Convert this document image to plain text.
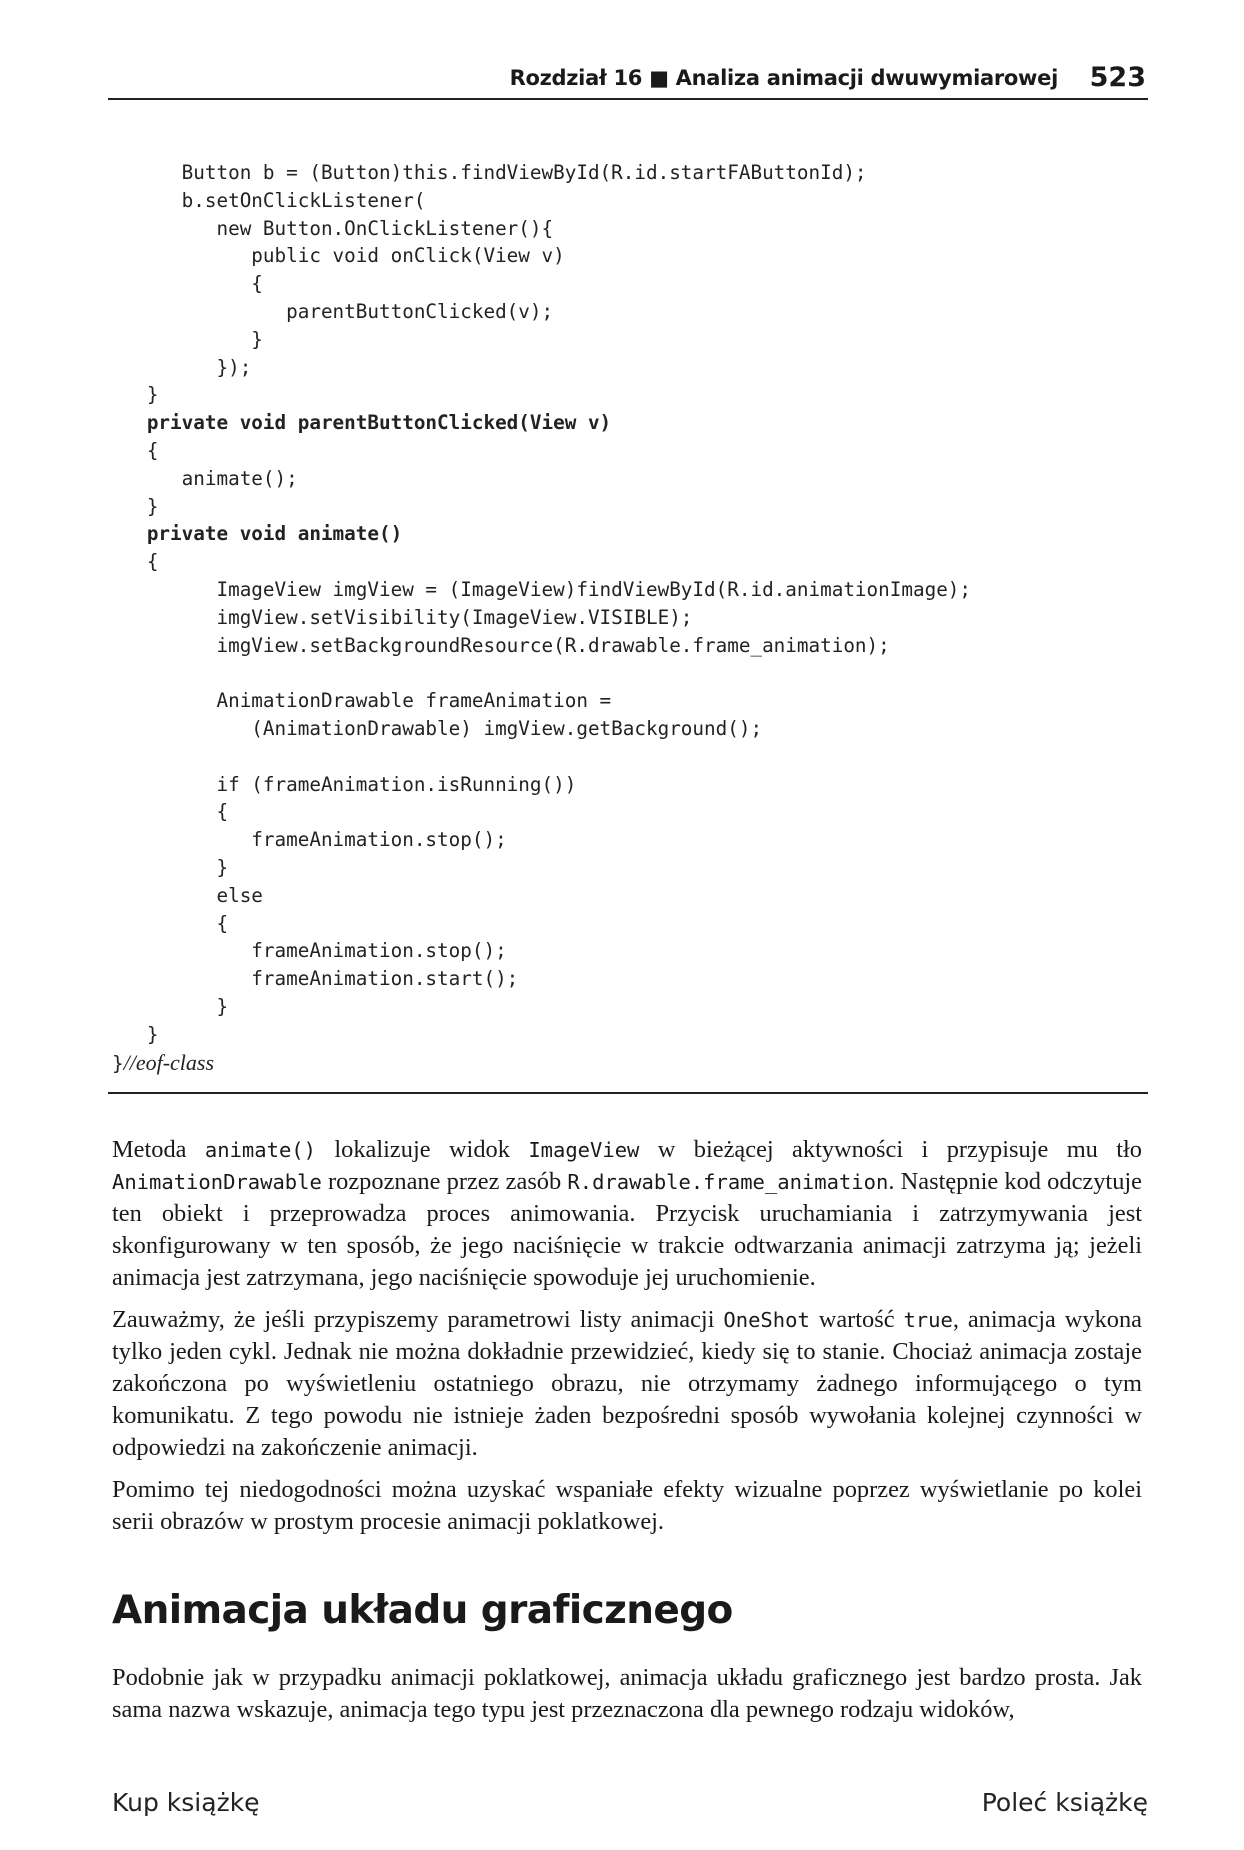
Rozdział 16 ■ Analiza animacji dwuwymiarowej 523
Button b = (Button)this.findViewById(R.id.startFAButtonId);
b.setOnClickListener(
new Button.OnClickListener(){
public void onClick(View v)
{
parentButtonClicked(v);
}
});
}
private void parentButtonClicked(View v)
{
animate();
}
private void animate()
{
ImageView imgView = (ImageView)findViewById(R.id.animationImage);
imgView.setVisibility(ImageView.VISIBLE);
imgView.setBackgroundResource(R.drawable.frame_animation);
AnimationDrawable frameAnimation =
(AnimationDrawable) imgView.getBackground();
if (frameAnimation.isRunning())
{
frameAnimation.stop();
}
else
{
frameAnimation.stop();
frameAnimation.start();
}
}
}//eof-class

Metoda animate() lokalizuje widok ImageView w bieżącej aktywności i przypisuje mu tło AnimationDrawable rozpoznane przez zasób R.drawable.frame_animation. Następnie kod odczytuje ten obiekt i przeprowadza proces animowania. Przycisk uruchamiania i zatrzymywania jest skonfigurowany w ten sposób, że jego naciśnięcie w trakcie odtwarzania animacji zatrzyma ją; jeżeli animacja jest zatrzymana, jego naciśnięcie spowoduje jej uruchomienie.

Zauważmy, że jeśli przypiszemy parametrowi listy animacji OneShot wartość true, animacja wykona tylko jeden cykl. Jednak nie można dokładnie przewidzieć, kiedy się to stanie. Chociaż animacja zostaje zakończona po wyświetleniu ostatniego obrazu, nie otrzymamy żadnego informującego o tym komunikatu. Z tego powodu nie istnieje żaden bezpośredni sposób wywołania kolejnej czynności w odpowiedzi na zakończenie animacji.

Pomimo tej niedogodności można uzyskać wspaniałe efekty wizualne poprzez wyświetlanie po kolei serii obrazów w prostym procesie animacji poklatkowej.

Animacja układu graficznego

Podobnie jak w przypadku animacji poklatkowej, animacja układu graficznego jest bardzo prosta. Jak sama nazwa wskazuje, animacja tego typu jest przeznaczona dla pewnego rodzaju widoków,

Kup książkę	Poleć książkę
